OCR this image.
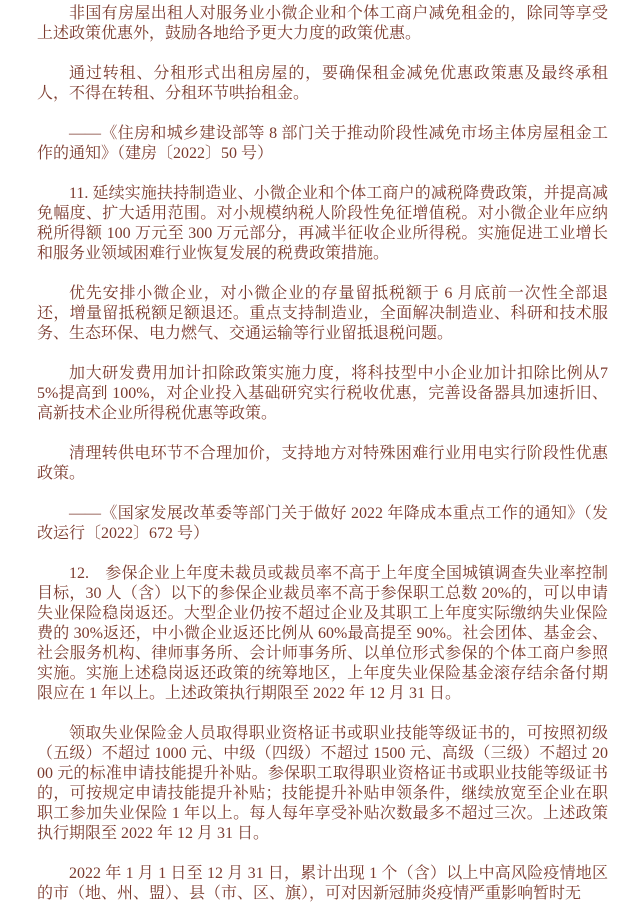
非国有房屋出租人对服务业小微企业和个体工商户减免租金的，除同等享受上述政策优惠外，鼓励各地给予更大力度的政策优惠。

通过转租、分租形式出租房屋的，要确保租金减免优惠政策惠及最终承租人，不得在转租、分租环节哄抬租金。

——《住房和城乡建设部等 8 部门关于推动阶段性减免市场主体房屋租金工作的通知》（建房〔2022〕50 号）

11. 延续实施扶持制造业、小微企业和个体工商户的减税降费政策，并提高减免幅度、扩大适用范围。对小规模纳税人阶段性免征增值税。对小微企业年应纳税所得额 100 万元至 300 万元部分，再减半征收企业所得税。实施促进工业增长和服务业领域困难行业恢复发展的税费政策措施。

优先安排小微企业，对小微企业的存量留抵税额于 6 月底前一次性全部退还，增量留抵税额足额退还。重点支持制造业，全面解决制造业、科研和技术服务、生态环保、电力燃气、交通运输等行业留抵退税问题。

加大研发费用加计扣除政策实施力度，将科技型中小企业加计扣除比例从75%提高到 100%，对企业投入基础研究实行税收优惠，完善设备器具加速折旧、高新技术企业所得税优惠等政策。

清理转供电环节不合理加价，支持地方对特殊困难行业用电实行阶段性优惠政策。

——《国家发展改革委等部门关于做好 2022 年降成本重点工作的通知》（发改运行〔2022〕672 号）

12. 参保企业上年度未裁员或裁员率不高于上年度全国城镇调查失业率控制目标，30 人（含）以下的参保企业裁员率不高于参保职工总数 20%的，可以申请失业保险稳岗返还。大型企业仍按不超过企业及其职工上年度实际缴纳失业保险费的 30%返还，中小微企业返还比例从 60%最高提至 90%。社会团体、基金会、社会服务机构、律师事务所、会计师事务所、以单位形式参保的个体工商户参照实施。实施上述稳岗返还政策的统筹地区，上年度失业保险基金滚存结余备付期限应在 1 年以上。上述政策执行期限至 2022 年 12 月 31 日。

领取失业保险金人员取得职业资格证书或职业技能等级证书的，可按照初级（五级）不超过 1000 元、中级（四级）不超过 1500 元、高级（三级）不超过 2000 元的标准申请技能提升补贴。参保职工取得职业资格证书或职业技能等级证书的，可按规定申请技能提升补贴；技能提升补贴申领条件，继续放宽至企业在职职工参加失业保险 1 年以上。每人每年享受补贴次数最多不超过三次。上述政策执行期限至 2022 年 12 月 31 日。

2022 年 1 月 1 日至 12 月 31 日，累计出现 1 个（含）以上中高风险疫情地区的市（地、州、盟）、县（市、区、旗），可对因新冠肺炎疫情严重影响暂时无
